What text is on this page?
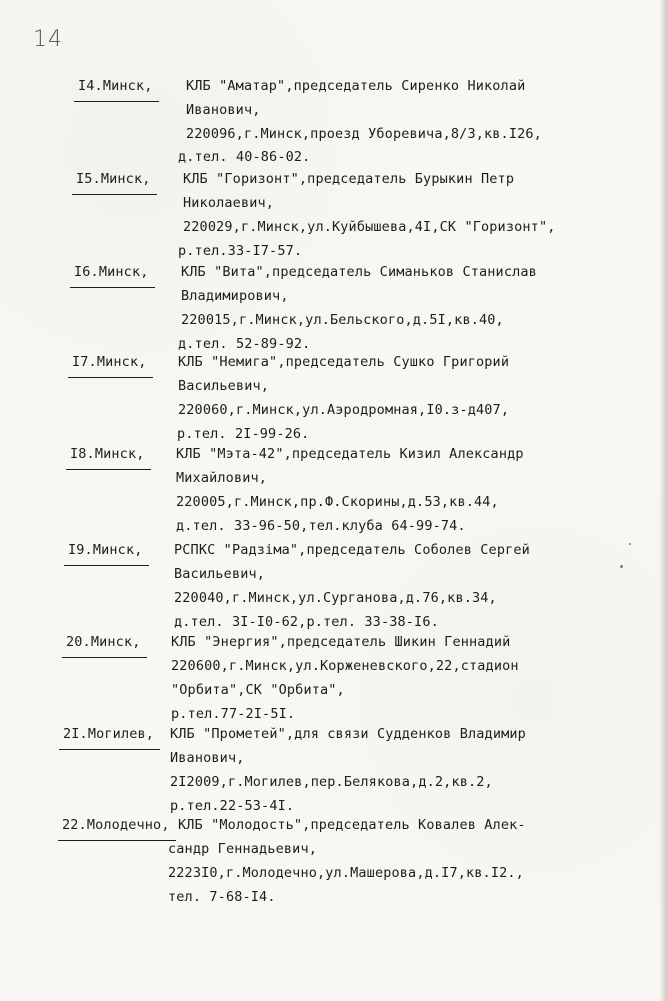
14
I4.Минск, КЛБ "Аматар",председатель Сиренко Николай
Иванович,
220096,г.Минск,проезд Уборевича,8/3,кв.I26,
д.тел. 40-86-02.
I5.Минск, КЛБ "Горизонт",председатель Бурыкин Петр
Николаевич,
220029,г.Минск,ул.Куйбышева,4I,СК "Горизонт",
р.тел.33-I7-57.
I6.Минск, КЛБ "Вита",председатель Симаньков Станислав
Владимирович,
220015,г.Минск,ул.Бельского,д.5I,кв.40,
д.тел. 52-89-92.
I7.Минск, КЛБ "Немига",председатель Сушко Григорий
Васильевич,
220060,г.Минск,ул.Аэродромная,I0.з-д407,
р.тел. 2I-99-26.
I8.Минск, КЛБ "Мэта-42",председатель Кизил Александр
Михайлович,
220005,г.Минск,пр.Ф.Скорины,д.53,кв.44,
д.тел. 33-96-50,тел.клуба 64-99-74.
I9.Минск, РСПКС "Радзіма",председатель Соболев Сергей
Васильевич,
220040,г.Минск,ул.Сурганова,д.76,кв.34,
д.тел. 3I-I0-62,р.тел. 33-38-I6.
20.Минск, КЛБ "Энергия",председатель Шикин Геннадий
220600,г.Минск,ул.Корженевского,22,стадион
"Орбита",СК "Орбита",
р.тел.77-2I-5I.
2I.Могилев, КЛБ "Прометей",для связи Судденков Владимир
Иванович,
2I2009,г.Могилев,пер.Белякова,д.2,кв.2,
р.тел.22-53-4I.
22.Молодечно, КЛБ "Молодость",председатель Ковалев Алек-
сандр Геннадьевич,
2223I0,г.Молодечно,ул.Машерова,д.I7,кв.I2.,
тел. 7-68-I4.
